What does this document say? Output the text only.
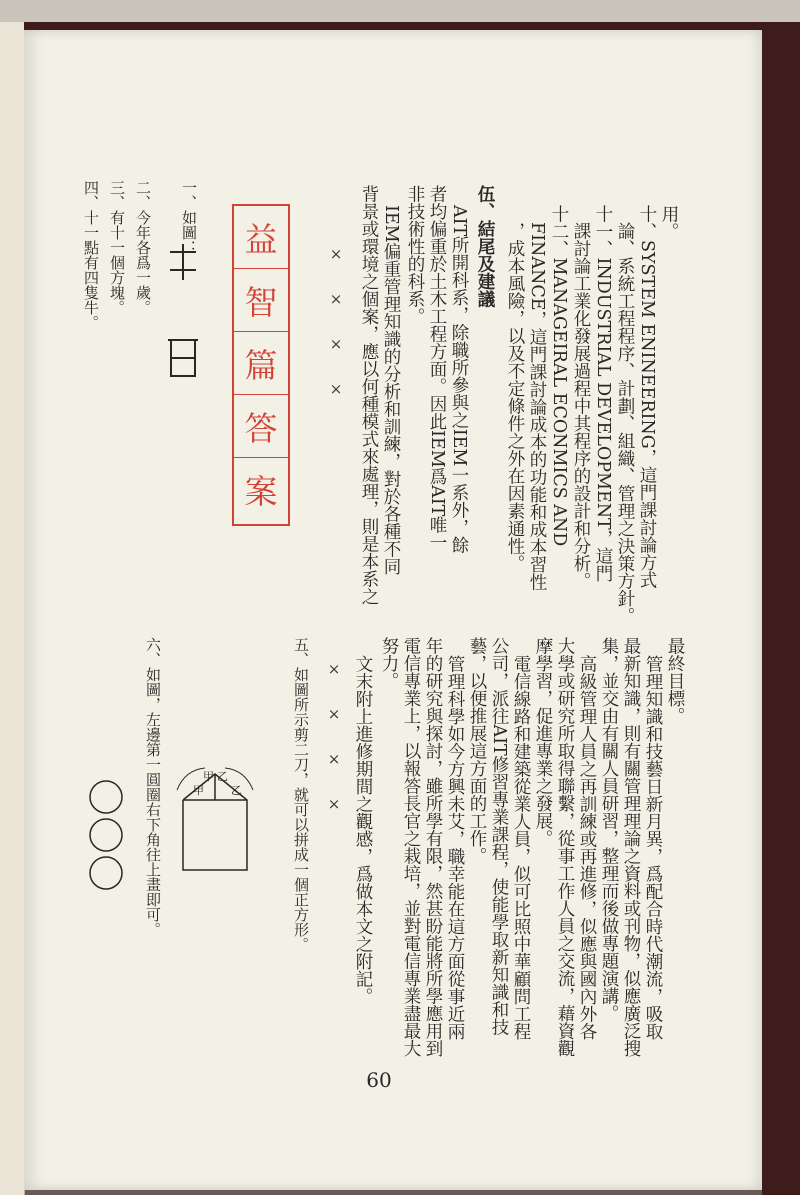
用。
十、SYSTEM ENINEERING，這門課討論方式
論、系統工程程序、計劃、組織、管理之決策方針。
十一、INDUSTRIAL DEVELOPMENT，這門
課討論工業化發展過程中其程序的設計和分析。
十二、MANAGEIRAL ECONMICS AND
FINANCE，這門課討論成本的功能和成本習性
，成本風險，以及不定條件之外在因素通性。
伍、結尾及建議
AIT所開科系，除職所參與之IEM一系外，餘
者均偏重於土木工程方面。因此IEM爲AIT唯一
非技術性的科系。
IEM偏重管理知識的分析和訓練，對於各種不同
背景或環境之個案，應以何種模式來處理，則是本系之
×　×　×　×
益
智
篇
答
案
一、如圖：
二、今年各爲一歲。
三、有十一個方塊。
四、十一點有四隻牛。
最終目標。
管理知識和技藝日新月異，爲配合時代潮流，吸取
最新知識，則有關管理理論之資料或刊物，似應廣泛搜
集，並交由有關人員研習，整理而後做專題演講。
高級管理人員之再訓練或再進修，似應與國內外各
大學或研究所取得聯繫，從事工作人員之交流，藉資觀
摩學習，促進專業之發展。
電信線路和建築從業人員，似可比照中華顧問工程
公司，派往AIT修習專業課程，使能學取新知識和技
藝，以便推展這方面的工作。
管理科學如今方興未艾，職幸能在這方面從事近兩
年的研究與探討，雖所學有限，然甚盼能將所學應用到
電信專業上，以報答長官之栽培，並對電信專業盡最大
努力。
文末附上進修期間之觀感，爲做本文之附記。
×　×　×　×
五、如圖所示剪二刀，就可以拼成一個正方形。
甲
甲 乙
乙
六、如圖，左邊第一圓圈右下角往上畫即可。
60
